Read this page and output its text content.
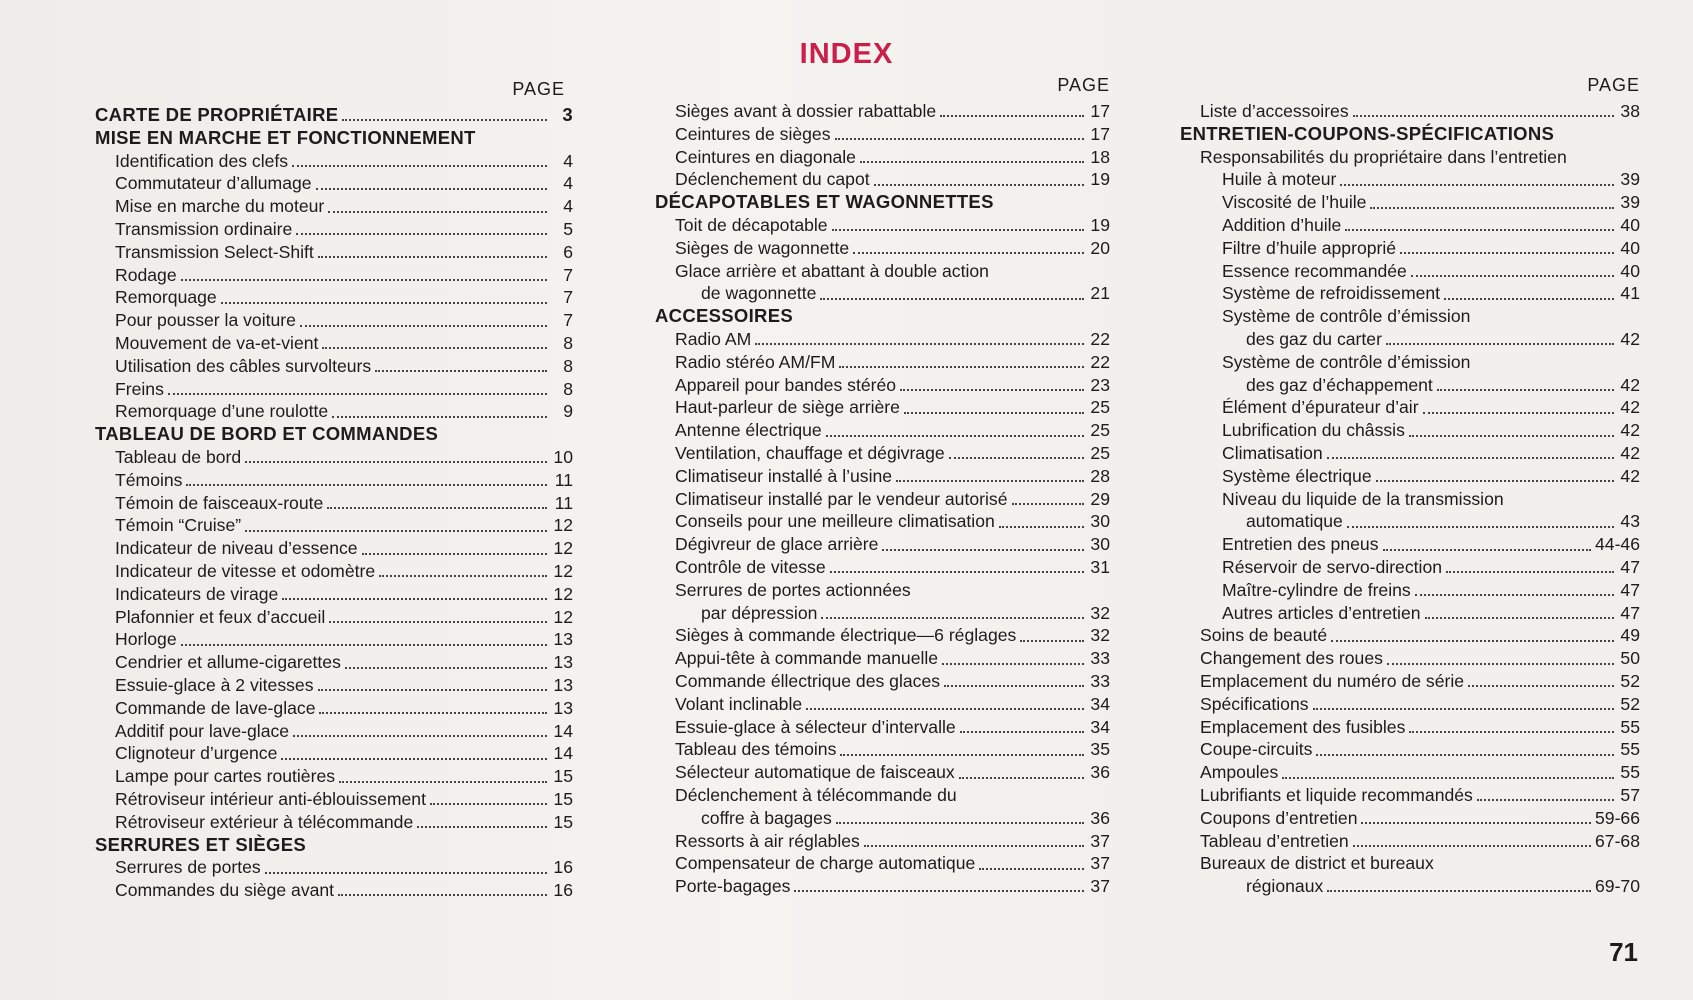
INDEX
PAGE
CARTE DE PROPRIÉTAIRE	3
MISE EN MARCHE ET FONCTIONNEMENT
Identification des clefs	4
Commutateur d’allumage	4
Mise en marche du moteur	4
Transmission ordinaire	5
Transmission Select-Shift	6
Rodage	7
Remorquage	7
Pour pousser la voiture	7
Mouvement de va-et-vient	8
Utilisation des câbles survolteurs	8
Freins	8
Remorquage d’une roulotte	9
TABLEAU DE BORD ET COMMANDES
Tableau de bord	10
Témoins	11
Témoin de faisceaux-route	11
Témoin “Cruise”	12
Indicateur de niveau d’essence	12
Indicateur de vitesse et odomètre	12
Indicateurs de virage	12
Plafonnier et feux d’accueil	12
Horloge	13
Cendrier et allume-cigarettes	13
Essuie-glace à 2 vitesses	13
Commande de lave-glace	13
Additif pour lave-glace	14
Clignoteur d’urgence	14
Lampe pour cartes routières	15
Rétroviseur intérieur anti-éblouissement	15
Rétroviseur extérieur à télécommande	15
SERRURES ET SIÈGES
Serrures de portes	16
Commandes du siège avant	16
PAGE
Sièges avant à dossier rabattable	17
Ceintures de sièges	17
Ceintures en diagonale	18
Déclenchement du capot	19
DÉCAPOTABLES ET WAGONNETTES
Toit de décapotable	19
Sièges de wagonnette	20
Glace arrière et abattant à double action
de wagonnette	21
ACCESSOIRES
Radio AM	22
Radio stéréo AM/FM	22
Appareil pour bandes stéréo	23
Haut-parleur de siège arrière	25
Antenne électrique	25
Ventilation, chauffage et dégivrage	25
Climatiseur installé à l’usine	28
Climatiseur installé par le vendeur autorisé	29
Conseils pour une meilleure climatisation	30
Dégivreur de glace arrière	30
Contrôle de vitesse	31
Serrures de portes actionnées
par dépression	32
Sièges à commande électrique—6 réglages	32
Appui-tête à commande manuelle	33
Commande éllectrique des glaces	33
Volant inclinable	34
Essuie-glace à sélecteur d’intervalle	34
Tableau des témoins	35
Sélecteur automatique de faisceaux	36
Déclenchement à télécommande du
coffre à bagages	36
Ressorts à air réglables	37
Compensateur de charge automatique	37
Porte-bagages	37
PAGE
Liste d’accessoires	38
ENTRETIEN-COUPONS-SPÉCIFICATIONS
Responsabilités du propriétaire dans l’entretien
Huile à moteur	39
Viscosité de l’huile	39
Addition d’huile	40
Filtre d’huile approprié	40
Essence recommandée	40
Système de refroidissement	41
Système de contrôle d’émission
des gaz du carter	42
Système de contrôle d’émission
des gaz d’échappement	42
Élément d’épurateur d’air	42
Lubrification du châssis	42
Climatisation	42
Système électrique	42
Niveau du liquide de la transmission
automatique	43
Entretien des pneus	44-46
Réservoir de servo-direction	47
Maître-cylindre de freins	47
Autres articles d’entretien	47
Soins de beauté	49
Changement des roues	50
Emplacement du numéro de série	52
Spécifications	52
Emplacement des fusibles	55
Coupe-circuits	55
Ampoules	55
Lubrifiants et liquide recommandés	57
Coupons d’entretien	59-66
Tableau d’entretien	67-68
Bureaux de district et bureaux
régionaux	69-70
71
